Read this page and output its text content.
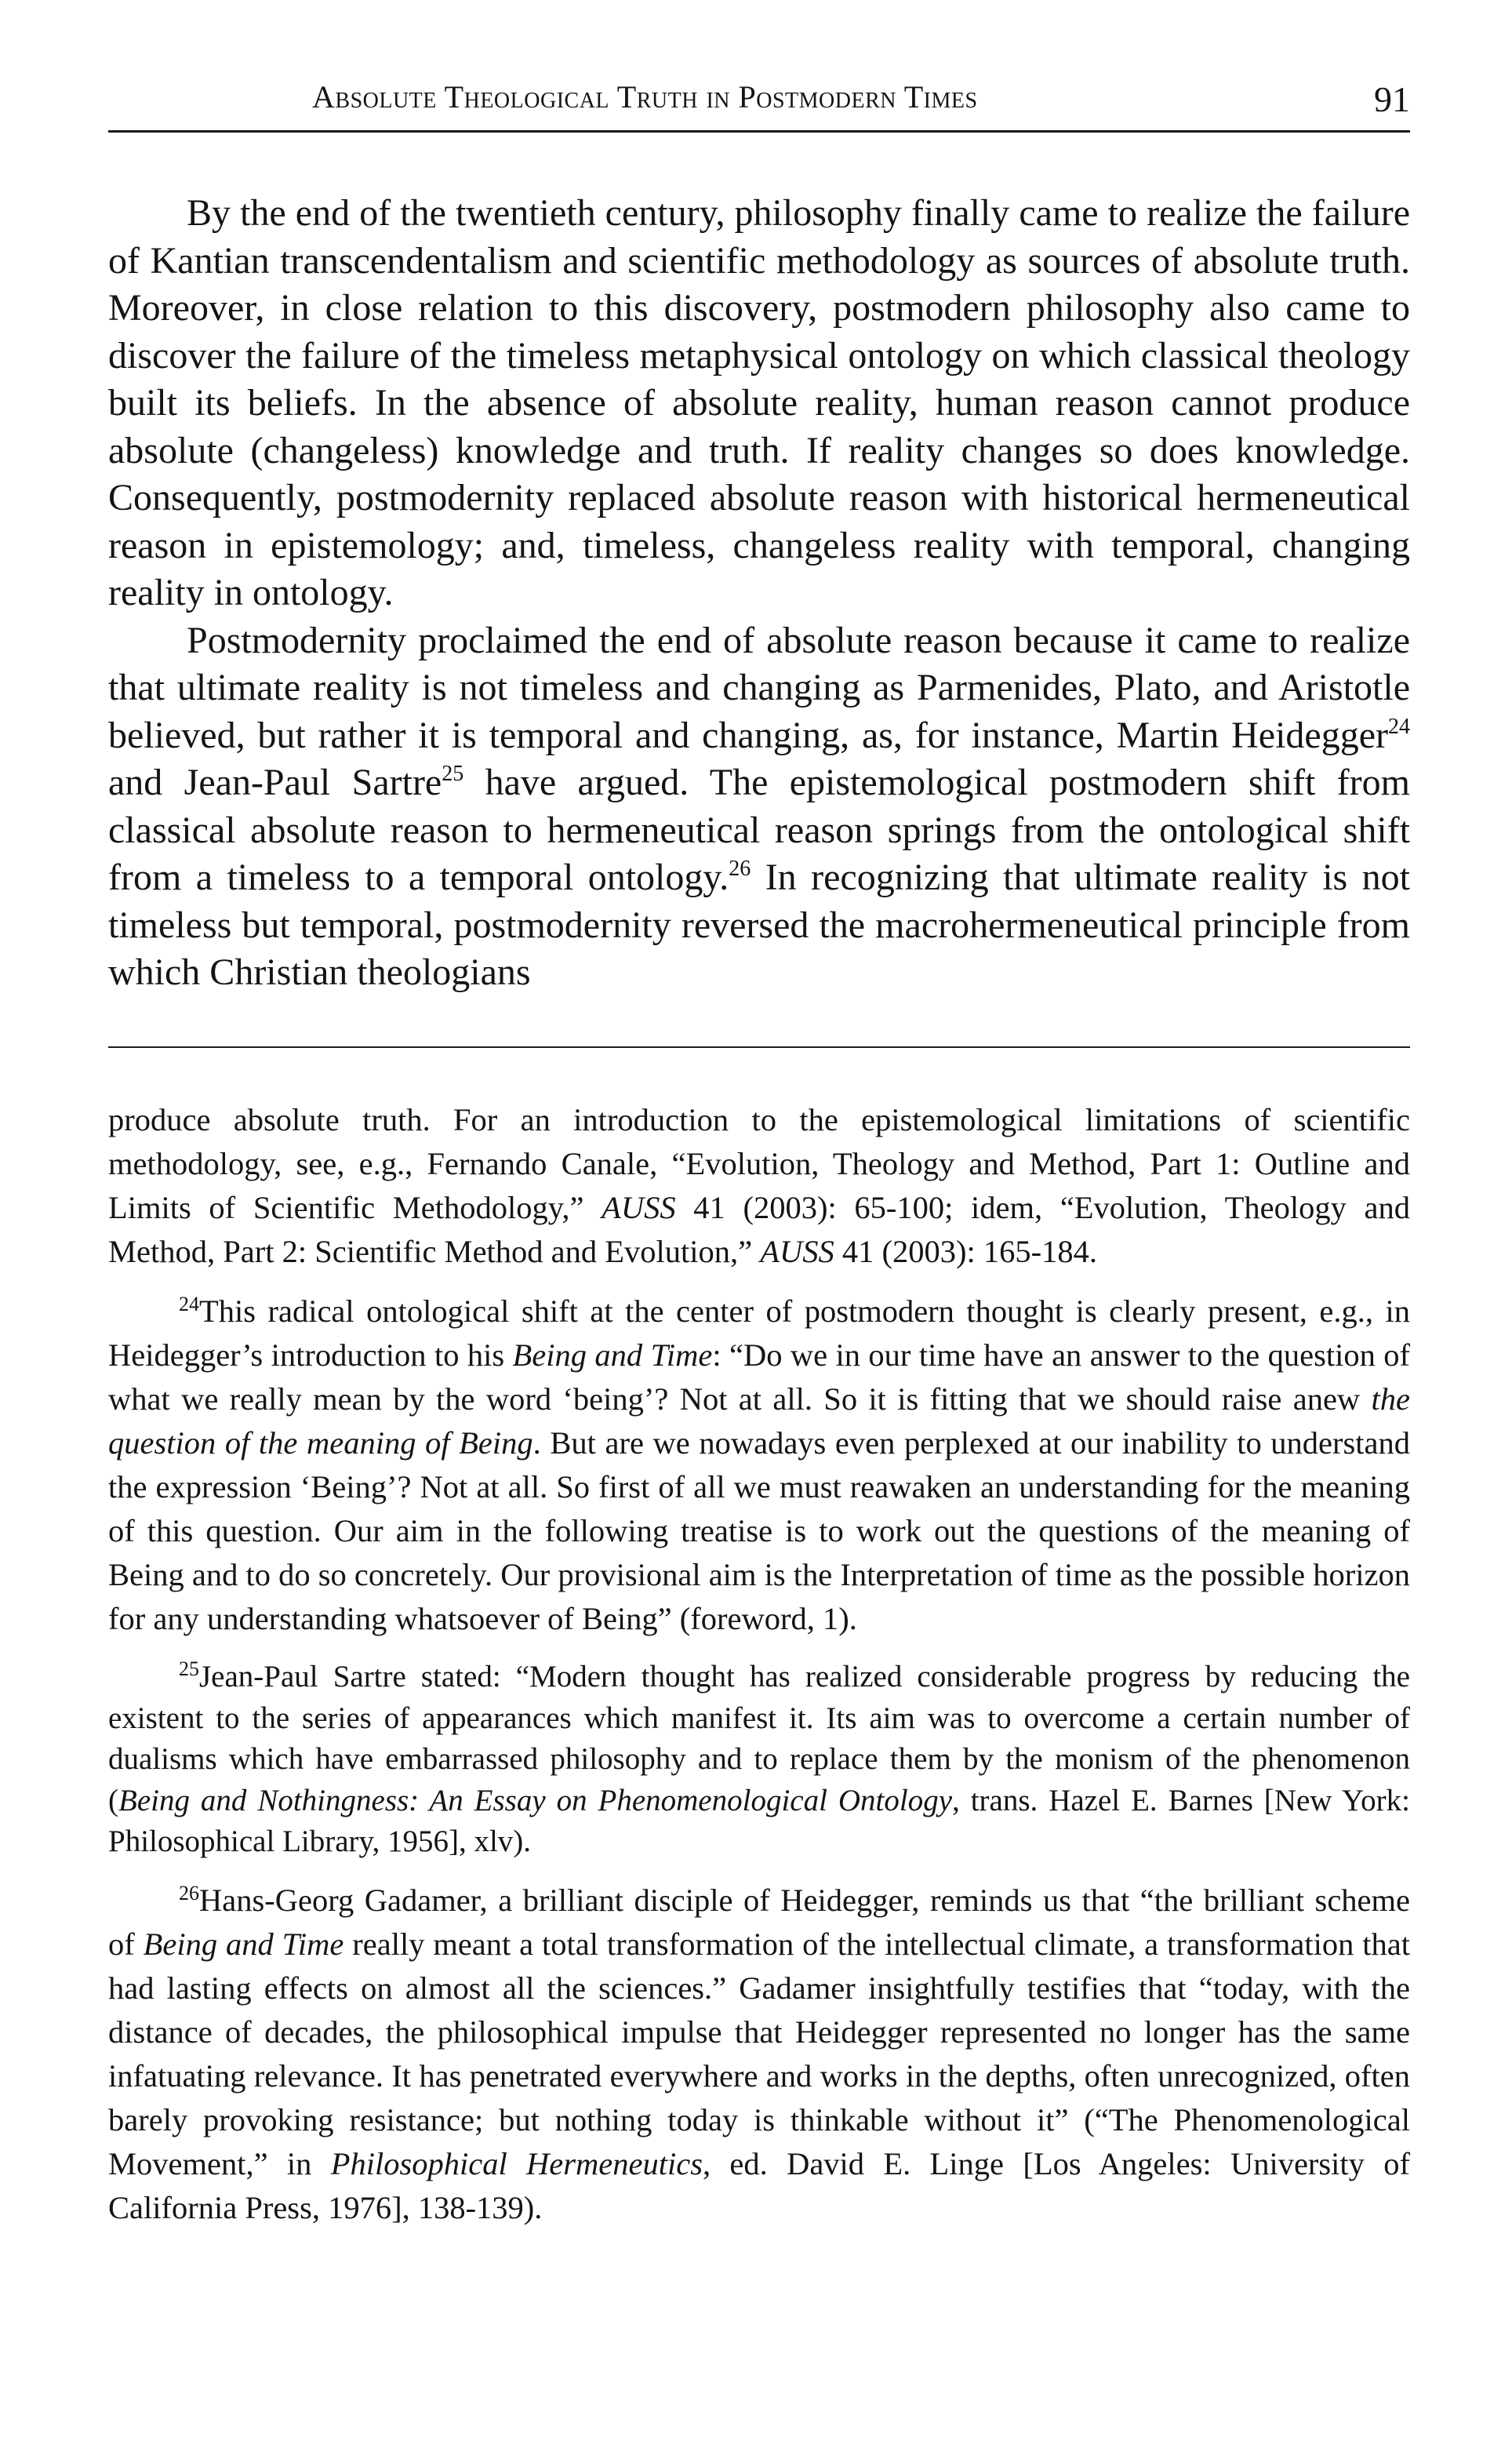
Absolute Theological Truth in Postmodern Times	91

By the end of the twentieth century, philosophy finally came to realize the failure of Kantian transcendentalism and scientific methodology as sources of absolute truth. Moreover, in close relation to this discovery, postmodern philosophy also came to discover the failure of the timeless metaphysical ontology on which classical theology built its beliefs. In the absence of absolute reality, human reason cannot produce absolute (changeless) knowledge and truth. If reality changes so does knowledge. Consequently, postmodernity replaced absolute reason with historical hermeneutical reason in epistemology; and, timeless, changeless reality with temporal, changing reality in ontology.

Postmodernity proclaimed the end of absolute reason because it came to realize that ultimate reality is not timeless and changing as Parmenides, Plato, and Aristotle believed, but rather it is temporal and changing, as, for instance, Martin Heidegger$^{24}$ and Jean-Paul Sartre$^{25}$ have argued. The epistemological postmodern shift from classical absolute reason to hermeneutical reason springs from the ontological shift from a timeless to a temporal ontology.$^{26}$ In recognizing that ultimate reality is not timeless but temporal, postmodernity reversed the macrohermeneutical principle from which Christian theologians

produce absolute truth. For an introduction to the epistemological limitations of scientific methodology, see, e.g., Fernando Canale, “Evolution, Theology and Method, Part 1: Outline and Limits of Scientific Methodology,” AUSS 41 (2003): 65-100; idem, “Evolution, Theology and Method, Part 2: Scientific Method and Evolution,” AUSS 41 (2003): 165-184.

$^{24}$This radical ontological shift at the center of postmodern thought is clearly present, e.g., in Heidegger’s introduction to his Being and Time: “Do we in our time have an answer to the question of what we really mean by the word ‘being’? Not at all. So it is fitting that we should raise anew the question of the meaning of Being. But are we nowadays even perplexed at our inability to understand the expression ‘Being’? Not at all. So first of all we must reawaken an understanding for the meaning of this question. Our aim in the following treatise is to work out the questions of the meaning of Being and to do so concretely. Our provisional aim is the Interpretation of time as the possible horizon for any understanding whatsoever of Being” (foreword, 1).

$^{25}$Jean-Paul Sartre stated: “Modern thought has realized considerable progress by reducing the existent to the series of appearances which manifest it. Its aim was to overcome a certain number of dualisms which have embarrassed philosophy and to replace them by the monism of the phenomenon (Being and Nothingness: An Essay on Phenomenological Ontology, trans. Hazel E. Barnes [New York: Philosophical Library, 1956], xlv).

$^{26}$Hans-Georg Gadamer, a brilliant disciple of Heidegger, reminds us that “the brilliant scheme of Being and Time really meant a total transformation of the intellectual climate, a transformation that had lasting effects on almost all the sciences.” Gadamer insightfully testifies that “today, with the distance of decades, the philosophical impulse that Heidegger represented no longer has the same infatuating relevance. It has penetrated everywhere and works in the depths, often unrecognized, often barely provoking resistance; but nothing today is thinkable without it” (“The Phenomenological Movement,” in Philosophical Hermeneutics, ed. David E. Linge [Los Angeles: University of California Press, 1976], 138-139).
